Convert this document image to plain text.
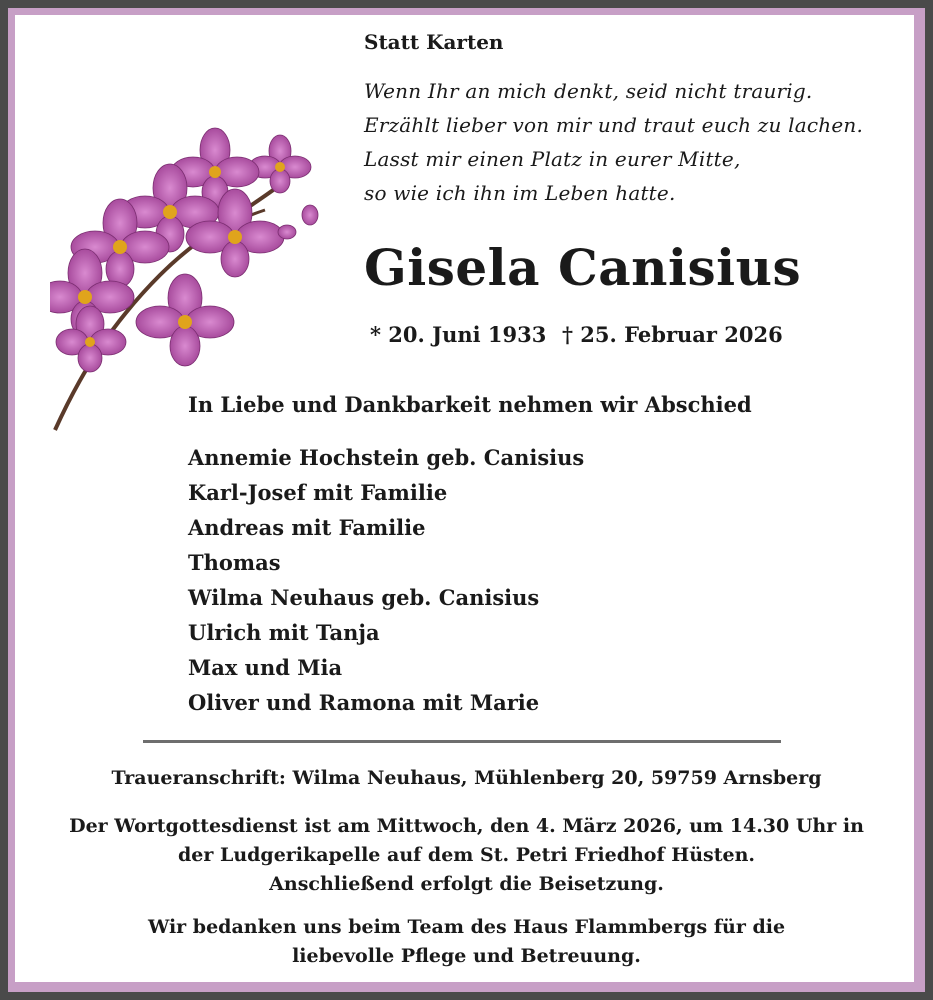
Statt Karten
Wenn Ihr an mich denkt, seid nicht traurig.
Erzählt lieber von mir und traut euch zu lachen.
Lasst mir einen Platz in eurer Mitte,
so wie ich ihn im Leben hatte.
Gisela Canisius
* 20. Juni 1933 † 25. Februar 2026
In Liebe und Dankbarkeit nehmen wir Abschied
Annemie Hochstein geb. Canisius
Karl-Josef mit Familie
Andreas mit Familie
Thomas
Wilma Neuhaus geb. Canisius
Ulrich mit Tanja
Max und Mia
Oliver und Ramona mit Marie
Traueranschrift: Wilma Neuhaus, Mühlenberg 20, 59759 Arnsberg
Der Wortgottesdienst ist am Mittwoch, den 4. März 2026, um 14.30 Uhr in
der Ludgerikapelle auf dem St. Petri Friedhof Hüsten.
Anschließend erfolgt die Beisetzung.
Wir bedanken uns beim Team des Haus Flammbergs für die
liebevolle Pflege und Betreuung.
